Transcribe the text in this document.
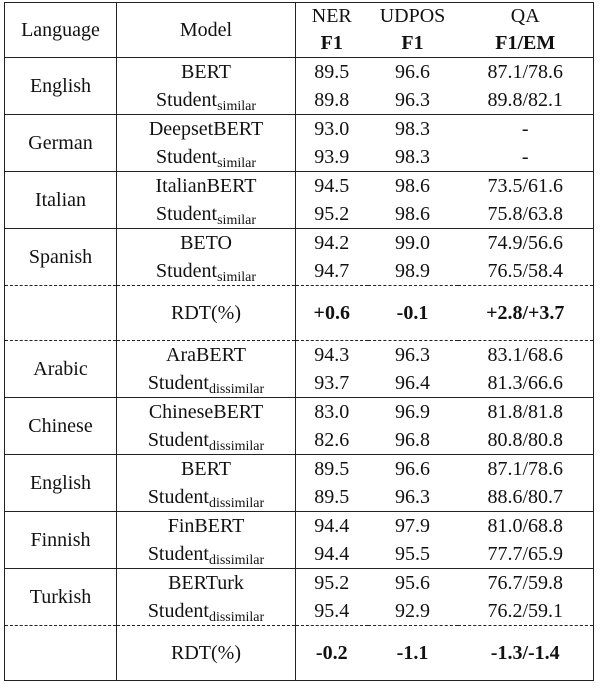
Language	Model	NER	UDPOS	QA
		F1	F1	F1/EM
English	BERT	89.5	96.6	87.1/78.6
	Student$_{similar}$	89.8	96.3	89.8/82.1
German	DeepsetBERT	93.0	98.3	-
	Student$_{similar}$	93.9	98.3	-
Italian	ItalianBERT	94.5	98.6	73.5/61.6
	Student$_{similar}$	95.2	98.6	75.8/63.8
Spanish	BETO	94.2	99.0	74.9/56.6
	Student$_{similar}$	94.7	98.9	76.5/58.4
	RDT(%)	+0.6	-0.1	+2.8/+3.7
Arabic	AraBERT	94.3	96.3	83.1/68.6
	Student$_{dissimilar}$	93.7	96.4	81.3/66.6
Chinese	ChineseBERT	83.0	96.9	81.8/81.8
	Student$_{dissimilar}$	82.6	96.8	80.8/80.8
English	BERT	89.5	96.6	87.1/78.6
	Student$_{dissimilar}$	89.5	96.3	88.6/80.7
Finnish	FinBERT	94.4	97.9	81.0/68.8
	Student$_{dissimilar}$	94.4	95.5	77.7/65.9
Turkish	BERTurk	95.2	95.6	76.7/59.8
	Student$_{dissimilar}$	95.4	92.9	76.2/59.1
	RDT(%)	-0.2	-1.1	-1.3/-1.4
